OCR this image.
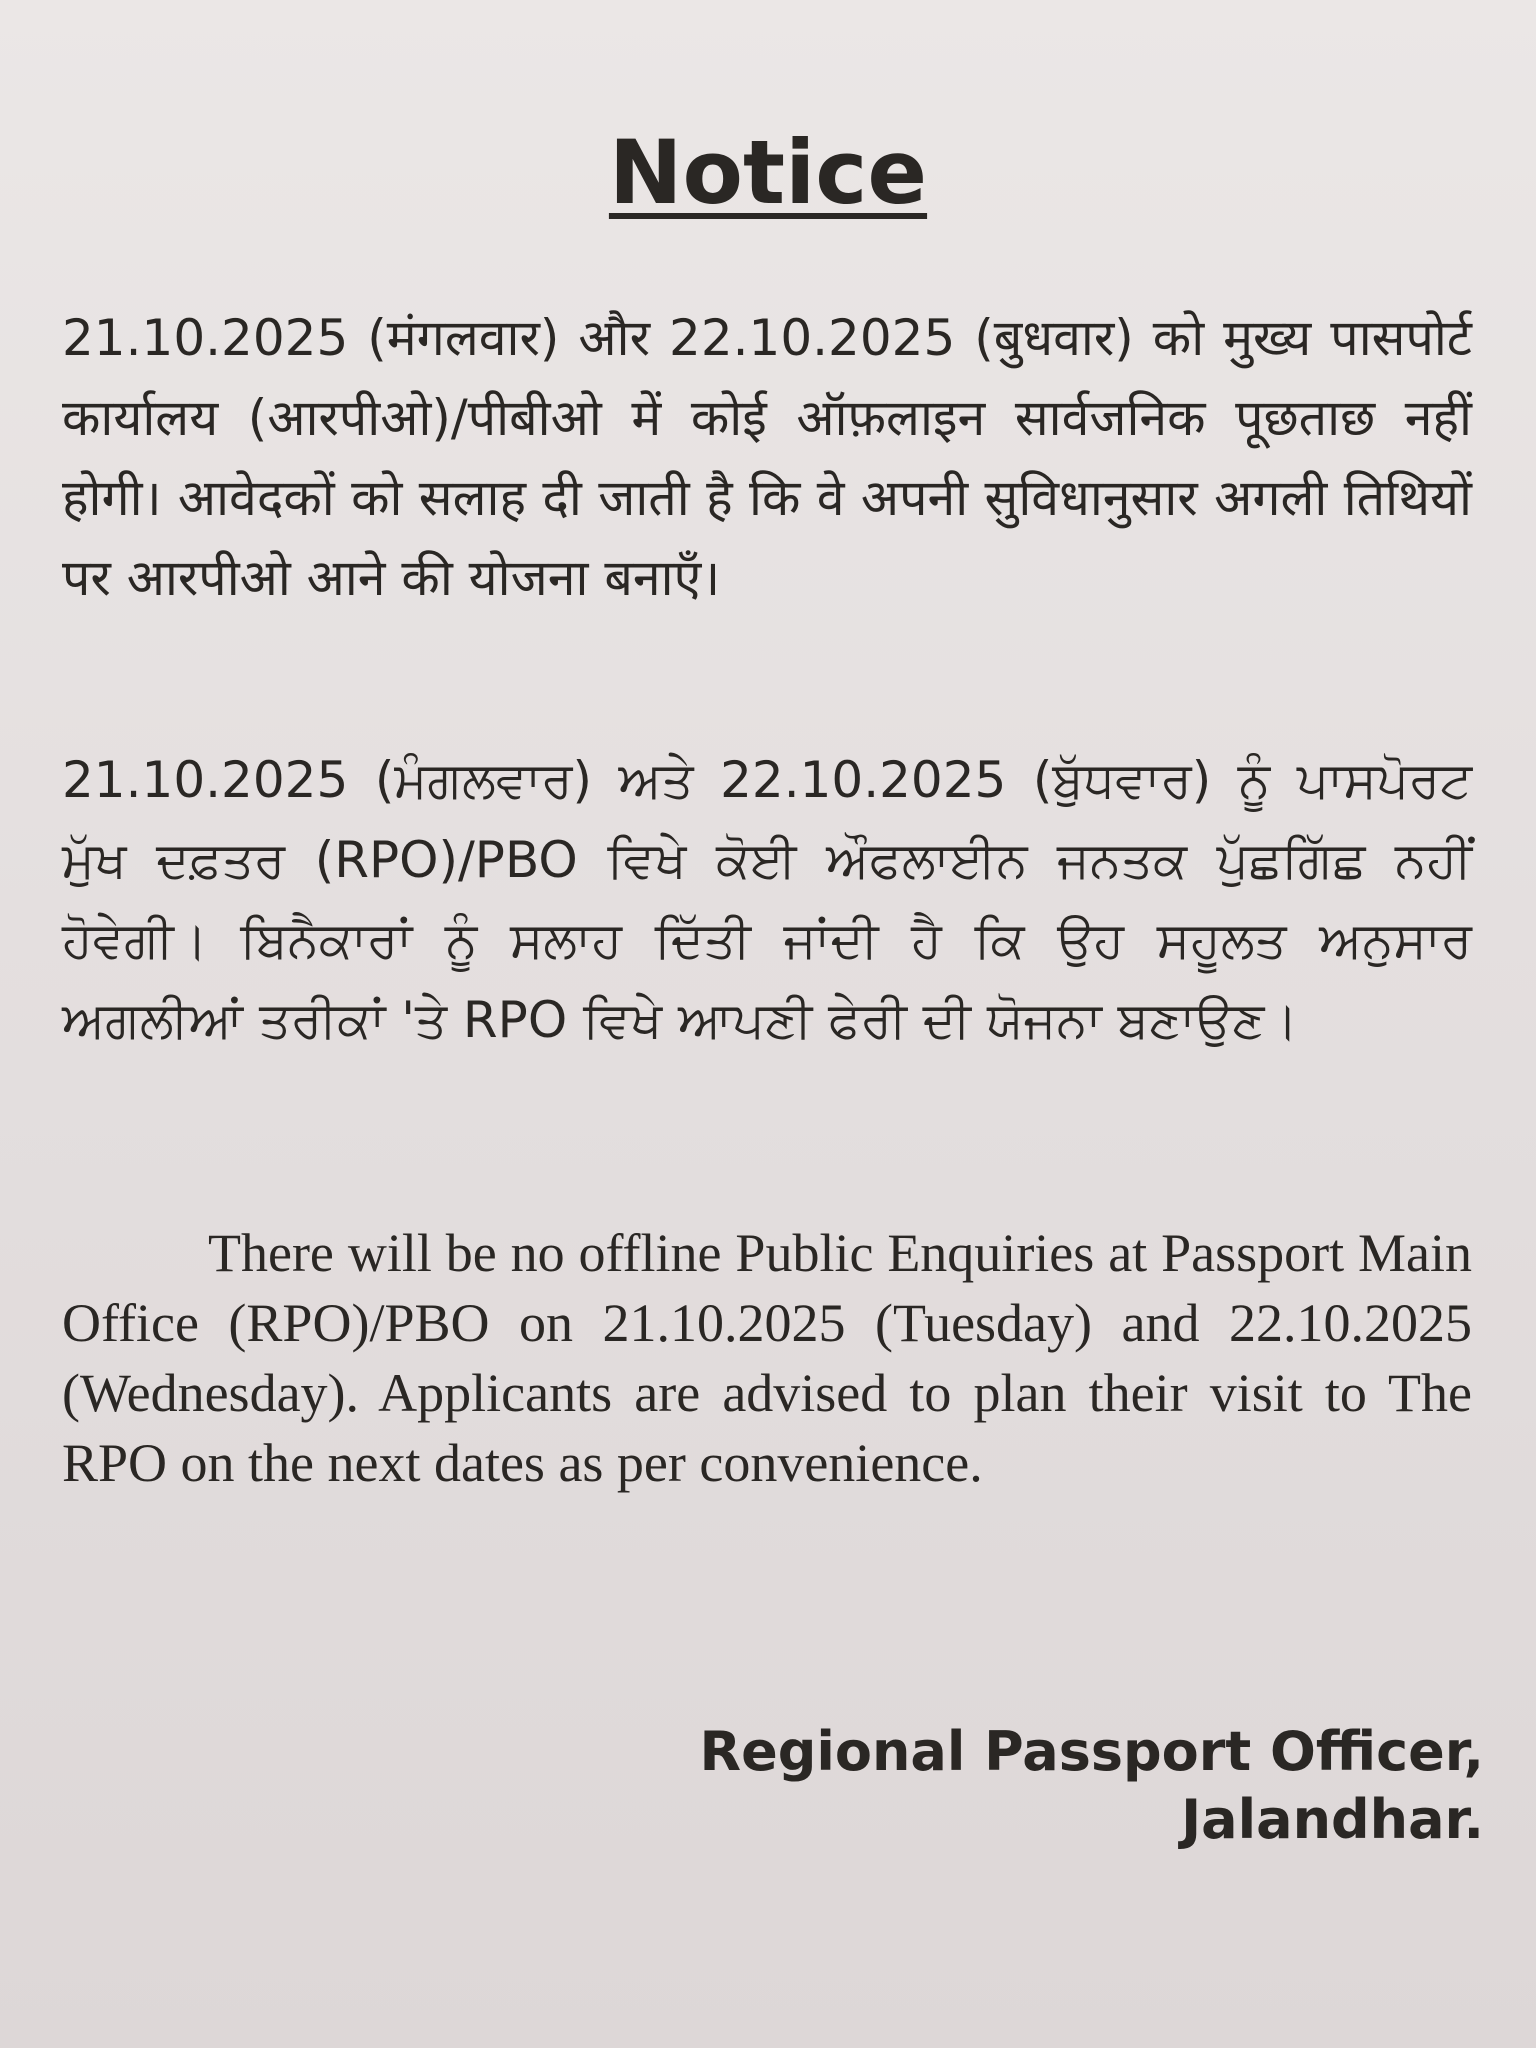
Notice

21.10.2025 (मंगलवार) और 22.10.2025 (बुधवार) को मुख्य पासपोर्ट कार्यालय (आरपीओ)/पीबीओ में कोई ऑफ़लाइन सार्वजनिक पूछताछ नहीं होगी। आवेदकों को सलाह दी जाती है कि वे अपनी सुविधानुसार अगली तिथियों पर आरपीओ आने की योजना बनाएँ।

21.10.2025 (ਮੰਗਲਵਾਰ) ਅਤੇ 22.10.2025 (ਬੁੱਧਵਾਰ) ਨੂੰ ਪਾਸਪੋਰਟ ਮੁੱਖ ਦਫ਼ਤਰ (RPO)/PBO ਵਿਖੇ ਕੋਈ ਔਫਲਾਈਨ ਜਨਤਕ ਪੁੱਛਗਿੱਛ ਨਹੀਂ ਹੋਵੇਗੀ। ਬਿਨੈਕਾਰਾਂ ਨੂੰ ਸਲਾਹ ਦਿੱਤੀ ਜਾਂਦੀ ਹੈ ਕਿ ਉਹ ਸਹੂਲਤ ਅਨੁਸਾਰ ਅਗਲੀਆਂ ਤਰੀਕਾਂ 'ਤੇ RPO ਵਿਖੇ ਆਪਣੀ ਫੇਰੀ ਦੀ ਯੋਜਨਾ ਬਣਾਉਣ।

There will be no offline Public Enquiries at Passport Main Office (RPO)/PBO on 21.10.2025 (Tuesday) and 22.10.2025 (Wednesday). Applicants are advised to plan their visit to The RPO on the next dates as per convenience.

Regional Passport Officer,
Jalandhar.
